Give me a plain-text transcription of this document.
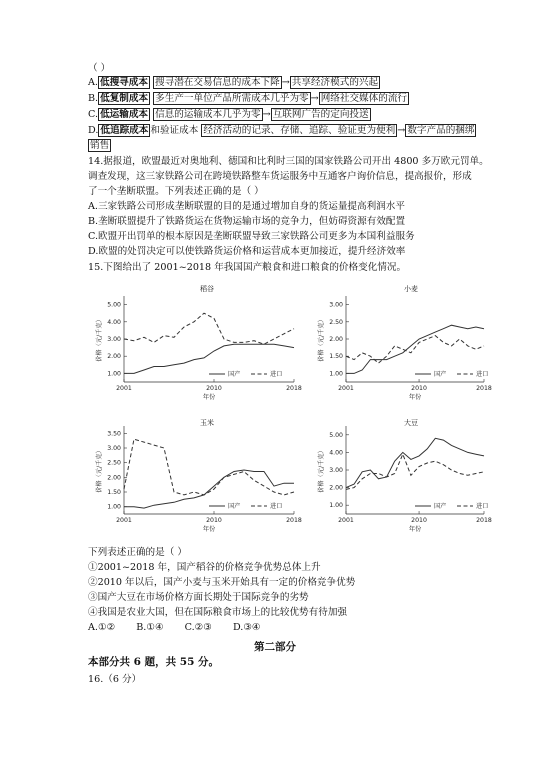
（ ）
A. 低搜寻成本 搜寻潜在交易信息的成本下降 → 共享经济模式的兴起
B. 低复制成本 多生产一单位产品所需成本几乎为零 → 网络社交媒体的流行
C. 低运输成本 信息的运输成本几乎为零 → 互联网广告的定向投送
D. 低追踪成本 和验证成本 经济活动的记录、存储、追踪、验证更为便利 → 数字产品的捆绑
销售
14.据报道，欧盟最近对奥地利、德国和比利时三国的国家铁路公司开出 4800 多万欧元罚单。
调查发现，这三家铁路公司在跨境铁路整车货运服务中互通客户询价信息，提高报价，形成
了一个垄断联盟。下列表述正确的是（ ）
A.三家铁路公司形成垄断联盟的目的是通过增加自身的货运量提高利润水平
B.垄断联盟提升了铁路货运在货物运输市场的竞争力，但妨碍资源有效配置
C.欧盟开出罚单的根本原因是垄断联盟导致三家铁路公司更多为本国利益服务
D.欧盟的处罚决定可以使铁路货运价格和运营成本更加接近，提升经济效率
15.下图给出了 2001~2018 年我国国产粮食和进口粮食的价格变化情况。
稻谷
1.00
2.00
3.00
4.00
5.00
2001	2010	2018
年份
价格（元/千克）
国产	进口
小麦
1.00
1.50
2.00
2.50
3.00
2001	2010	2018
年份
价格（元/千克）
国产	进口
玉米
1.00
1.50
2.00
2.50
3.00
3.50
2001	2010	2018
年份
价格（元/千克）
国产	进口
大豆
1.00
2.00
3.00
4.00
5.00
2001	2010	2018
年份
价格（元/千克）
国产	进口
下列表述正确的是（ ）
①2001~2018 年，国产稻谷的价格竞争优势总体上升
②2010 年以后，国产小麦与玉米开始具有一定的价格竞争优势
③国产大豆在市场价格方面长期处于国际竞争的劣势
④我国是农业大国，但在国际粮食市场上的比较优势有待加强
A.①② B.①④ C.②③ D.③④
第二部分
本部分共 6 题，共 55 分。
16.（6 分）
